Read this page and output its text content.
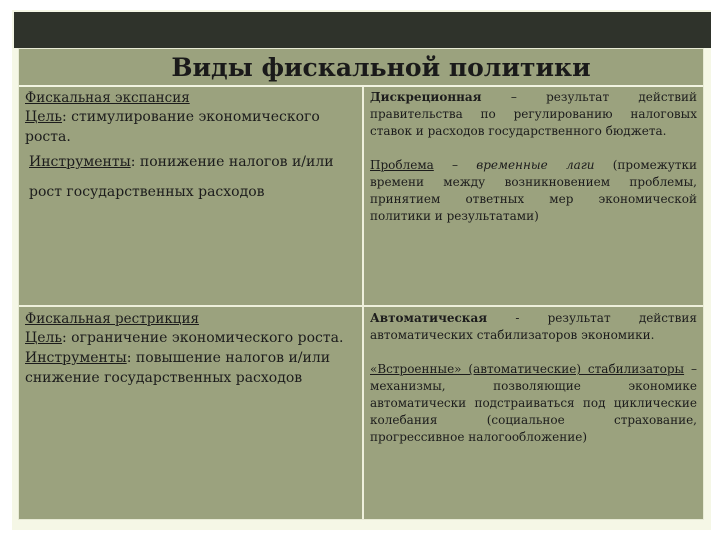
Виды фискальной политики
Фискальная экспансия
Цель: стимулирование экономического роста.
Инструменты: понижение налогов и/или рост государственных расходов
Дискреционная – результат действий правительства по регулированию налоговых ставок и расходов государственного бюджета.
Проблема – временные лаги (промежутки времени между возникновением проблемы, принятием ответных мер экономической политики и результатами)
Фискальная рестрикция
Цель: ограничение экономического роста.
Инструменты: повышение налогов и/или снижение государственных расходов
Автоматическая - результат действия автоматических стабилизаторов экономики.
«Встроенные» (автоматические) стабилизаторы – механизмы, позволяющие экономике автоматически подстраиваться под циклические колебания (социальное страхование, прогрессивное налогообложение)
